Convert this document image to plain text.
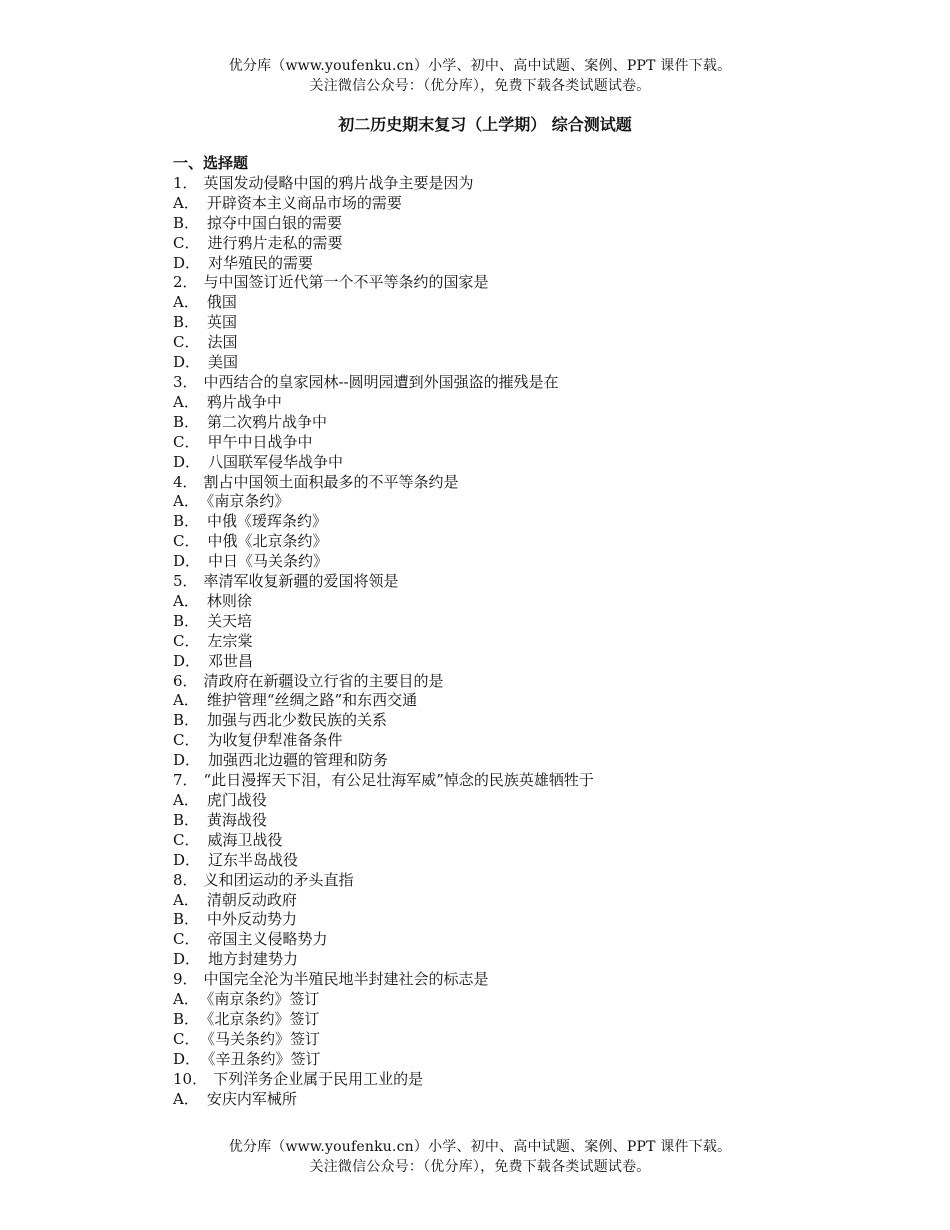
优分库（www.youfenku.cn）小学、初中、高中试题、案例、PPT 课件下载。
关注微信公众号：（优分库），免费下载各类试题试卷。
初二历史期末复习（上学期） 综合测试题
一、选择题
1． 英国发动侵略中国的鸦片战争主要是因为
A． 开辟资本主义商品市场的需要
B． 掠夺中国白银的需要
C． 进行鸦片走私的需要
D． 对华殖民的需要
2． 与中国签订近代第一个不平等条约的国家是
A． 俄国
B． 英国
C． 法国
D． 美国
3． 中西结合的皇家园林--圆明园遭到外国强盗的摧残是在
A． 鸦片战争中
B． 第二次鸦片战争中
C． 甲午中日战争中
D． 八国联军侵华战争中
4． 割占中国领土面积最多的不平等条约是
A． 《南京条约》
B． 中俄《瑷珲条约》
C． 中俄《北京条约》
D． 中日《马关条约》
5． 率清军收复新疆的爱国将领是
A． 林则徐
B． 关天培
C． 左宗棠
D． 邓世昌
6． 清政府在新疆设立行省的主要目的是
A． 维护管理“丝绸之路”和东西交通
B． 加强与西北少数民族的关系
C． 为收复伊犁准备条件
D． 加强西北边疆的管理和防务
7． “此日漫挥天下泪，有公足壮海军威”悼念的民族英雄牺牲于
A． 虎门战役
B． 黄海战役
C． 威海卫战役
D． 辽东半岛战役
8． 义和团运动的矛头直指
A． 清朝反动政府
B． 中外反动势力
C． 帝国主义侵略势力
D． 地方封建势力
9． 中国完全沦为半殖民地半封建社会的标志是
A． 《南京条约》签订
B． 《北京条约》签订
C． 《马关条约》签订
D． 《辛丑条约》签订
10． 下列洋务企业属于民用工业的是
A． 安庆内军械所
优分库（www.youfenku.cn）小学、初中、高中试题、案例、PPT 课件下载。
关注微信公众号：（优分库），免费下载各类试题试卷。
